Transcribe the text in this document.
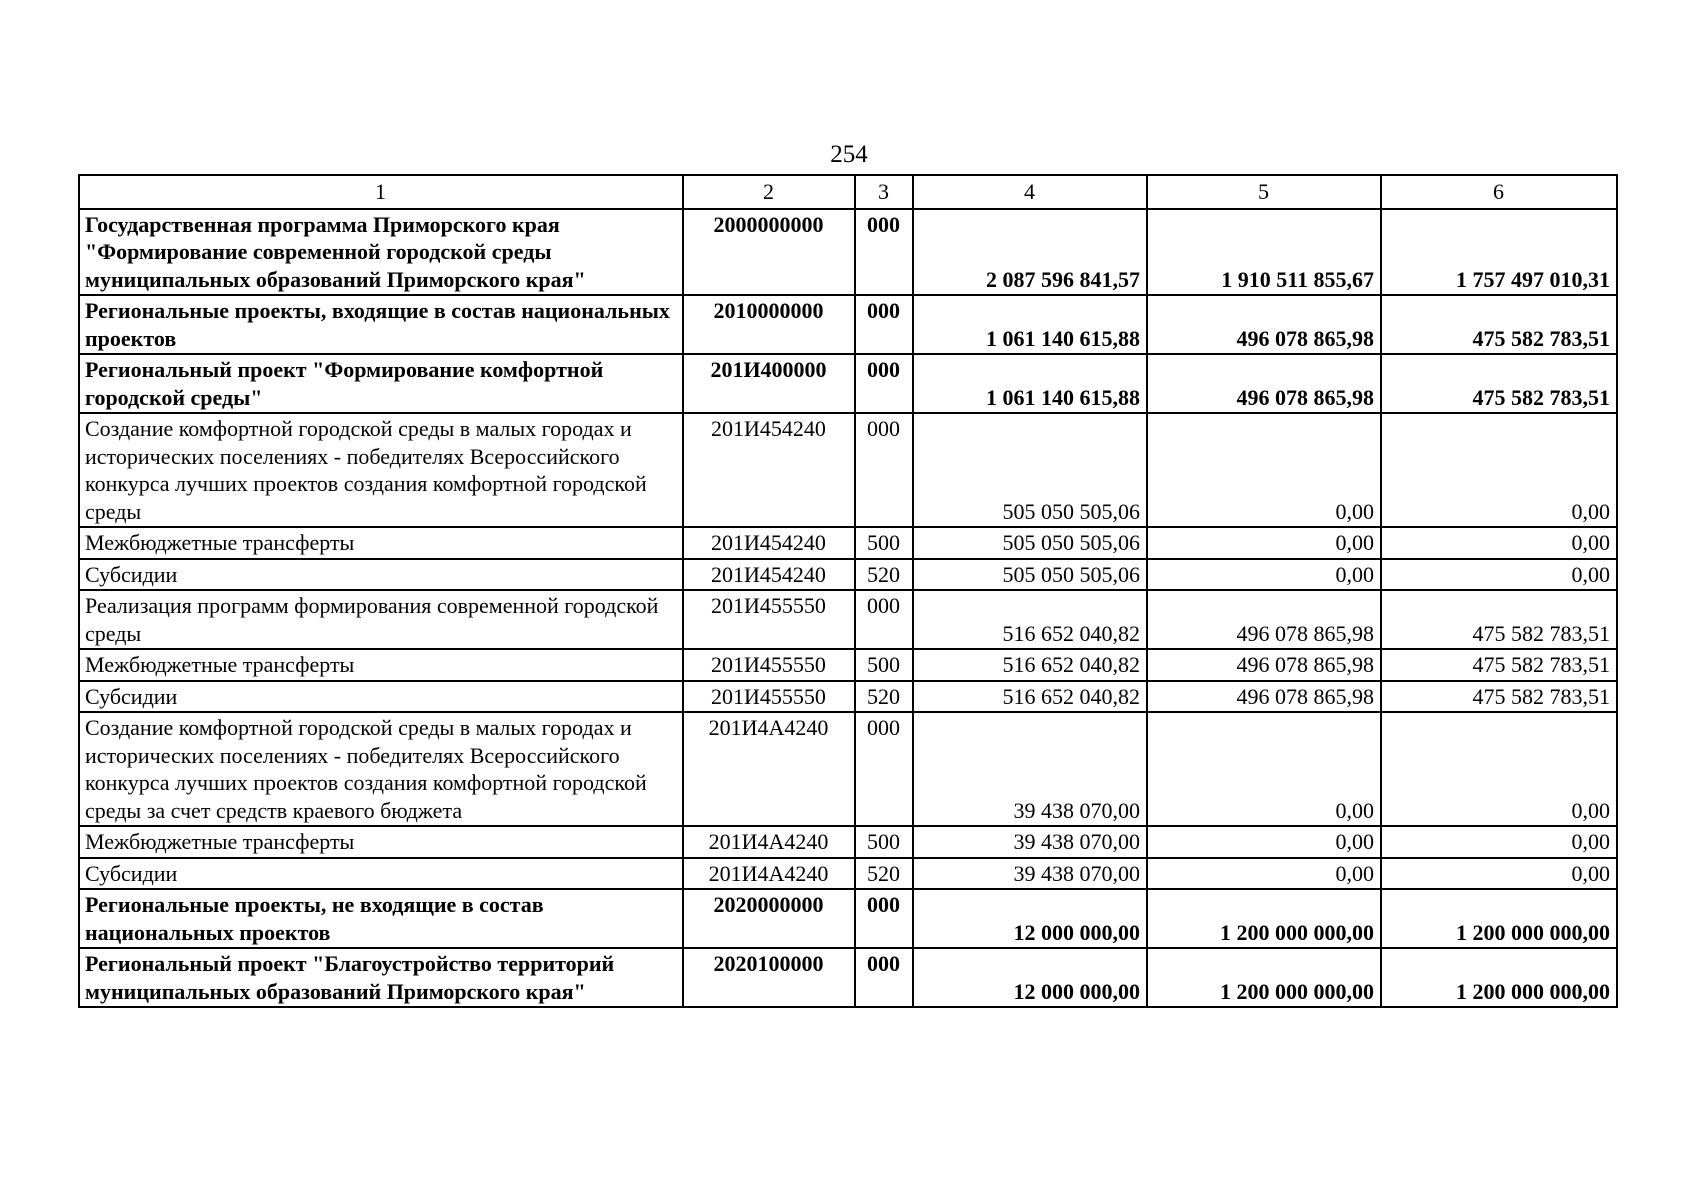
254
1	2	3	4	5	6
Государственная программа Приморского края "Формирование современной городской среды муниципальных образований Приморского края"	2000000000	000	2 087 596 841,57	1 910 511 855,67	1 757 497 010,31
Региональные проекты, входящие в состав национальных проектов	2010000000	000	1 061 140 615,88	496 078 865,98	475 582 783,51
Региональный проект "Формирование комфортной городской среды"	201И400000	000	1 061 140 615,88	496 078 865,98	475 582 783,51
Создание комфортной городской среды в малых городах и исторических поселениях - победителях Всероссийского конкурса лучших проектов создания комфортной городской среды	201И454240	000	505 050 505,06	0,00	0,00
Межбюджетные трансферты	201И454240	500	505 050 505,06	0,00	0,00
Субсидии	201И454240	520	505 050 505,06	0,00	0,00
Реализация программ формирования современной городской среды	201И455550	000	516 652 040,82	496 078 865,98	475 582 783,51
Межбюджетные трансферты	201И455550	500	516 652 040,82	496 078 865,98	475 582 783,51
Субсидии	201И455550	520	516 652 040,82	496 078 865,98	475 582 783,51
Создание комфортной городской среды в малых городах и исторических поселениях - победителях Всероссийского конкурса лучших проектов создания комфортной городской среды за счет средств краевого бюджета	201И4А4240	000	39 438 070,00	0,00	0,00
Межбюджетные трансферты	201И4А4240	500	39 438 070,00	0,00	0,00
Субсидии	201И4А4240	520	39 438 070,00	0,00	0,00
Региональные проекты, не входящие в состав национальных проектов	2020000000	000	12 000 000,00	1 200 000 000,00	1 200 000 000,00
Региональный проект "Благоустройство территорий муниципальных образований Приморского края"	2020100000	000	12 000 000,00	1 200 000 000,00	1 200 000 000,00
